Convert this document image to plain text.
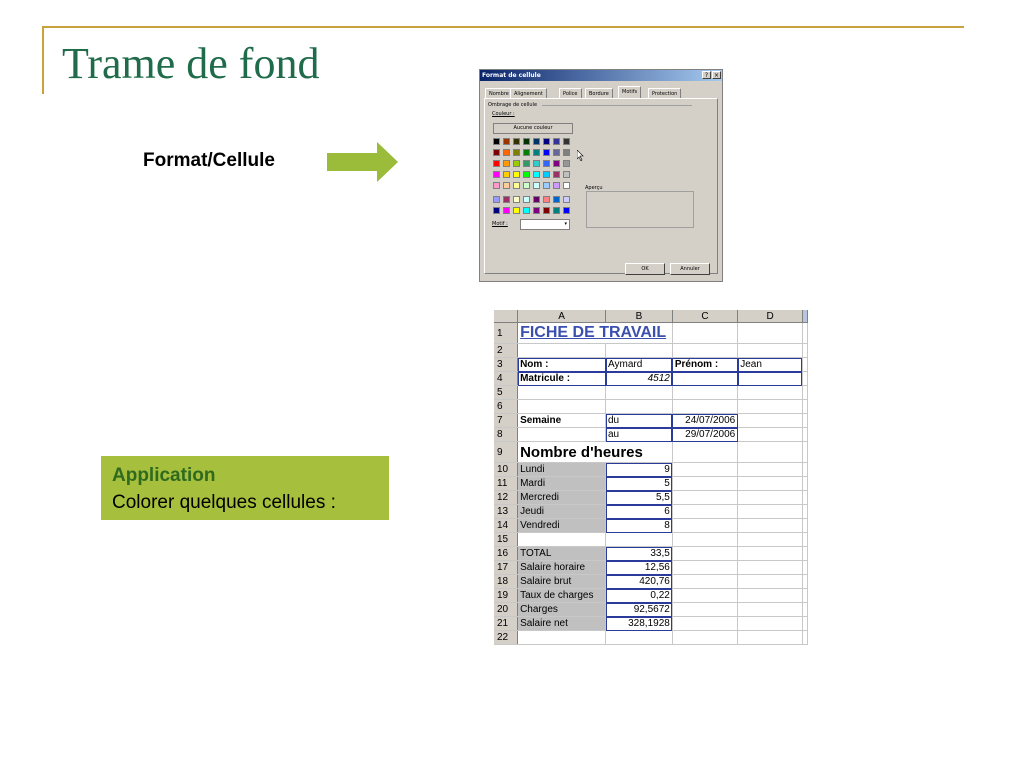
Trame de fond
Format/Cellule
Application
Colorer quelques cellules :
Format de cellule	? ×
Nombre	Alignement	Police	Bordure	Motifs	Protection
Ombrage de cellule
Couleur :
Aucune couleur
Aperçu
Motif :	▾
OK	Annuler
	A	B	C	D	
1	FICHE DE TRAVAIL				
2					
3	Nom :	Aymard	Prénom :	Jean	
4	Matricule :	4512			
5					
6					
7	Semaine	du	24/07/2006		
8		au	29/07/2006		
9	Nombre d'heures				
10	Lundi	9			
11	Mardi	5			
12	Mercredi	5,5			
13	Jeudi	6			
14	Vendredi	8			
15					
16	TOTAL	33,5			
17	Salaire horaire	12,56			
18	Salaire brut	420,76			
19	Taux de charges	0,22			
20	Charges	92,5672			
21	Salaire net	328,1928			
22					
